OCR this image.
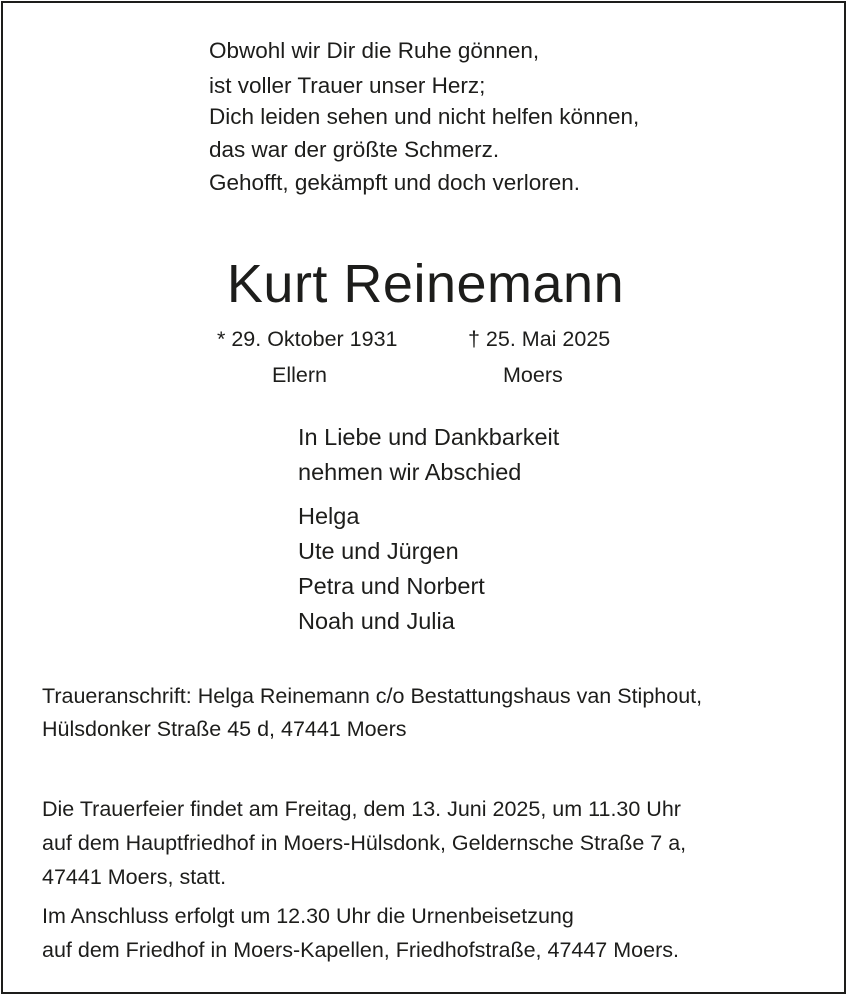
Obwohl wir Dir die Ruhe gönnen,

ist voller Trauer unser Herz;

Dich leiden sehen und nicht helfen können,

das war der größte Schmerz.

Gehofft, gekämpft und doch verloren.

Kurt Reinemann

* 29. Oktober 1931	† 25. Mai 2025

Ellern	Moers

In Liebe und Dankbarkeit

nehmen wir Abschied

Helga

Ute und Jürgen

Petra und Norbert

Noah und Julia

Traueranschrift: Helga Reinemann c/o Bestattungshaus van Stiphout,

Hülsdonker Straße 45 d, 47441 Moers

Die Trauerfeier findet am Freitag, dem 13. Juni 2025, um 11.30 Uhr

auf dem Hauptfriedhof in Moers-Hülsdonk, Geldernsche Straße 7 a,

47441 Moers, statt.

Im Anschluss erfolgt um 12.30 Uhr die Urnenbeisetzung

auf dem Friedhof in Moers-Kapellen, Friedhofstraße, 47447 Moers.
